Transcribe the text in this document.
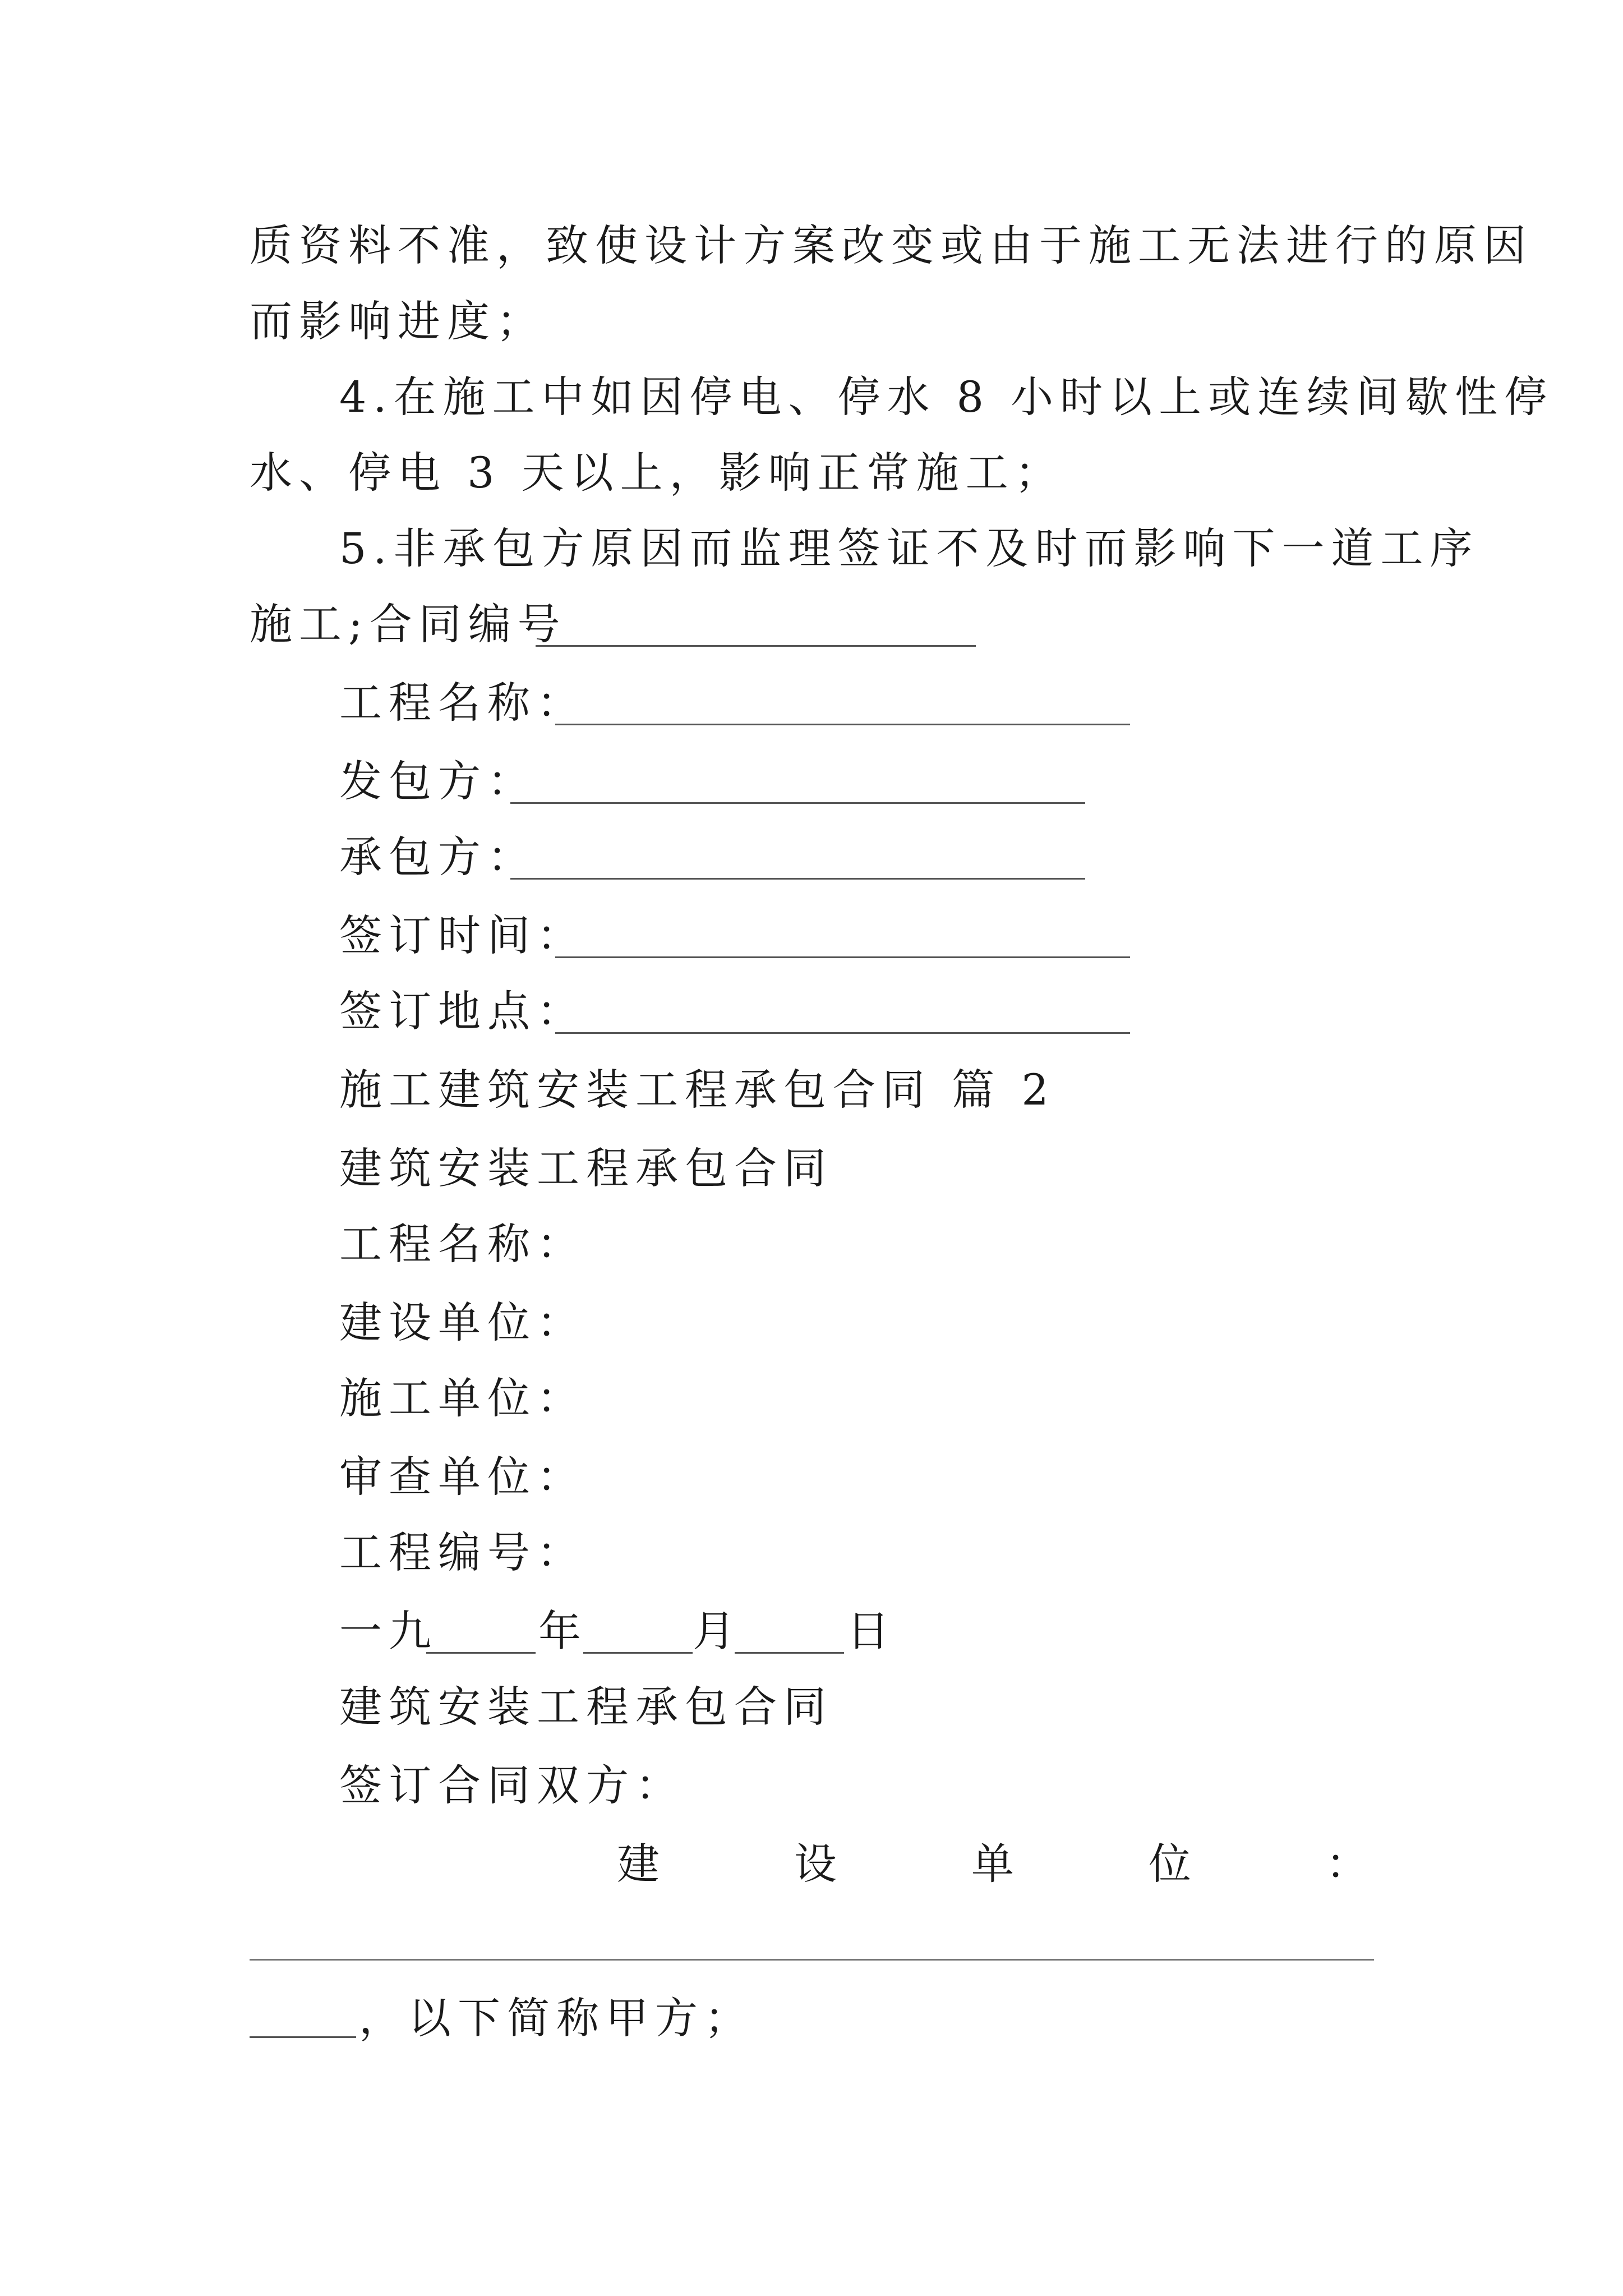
质资料不准，致使设计方案改变或由于施工无法进行的原因
而影响进度；
4.在施工中如因停电、停水 8 小时以上或连续间歇性停
水、停电 3 天以上，影响正常施工；
5.非承包方原因而监理签证不及时而影响下一道工序
施工;合同编号
工程名称：
发包方：
承包方：
签订时间：
签订地点：
施工建筑安装工程承包合同 篇 2
建筑安装工程承包合同
工程名称：
建设单位：
施工单位：
审查单位：
工程编号：
一九 年 月 日
建筑安装工程承包合同
签订合同双方：
建	设	单	位	：
，以下简称甲方；
